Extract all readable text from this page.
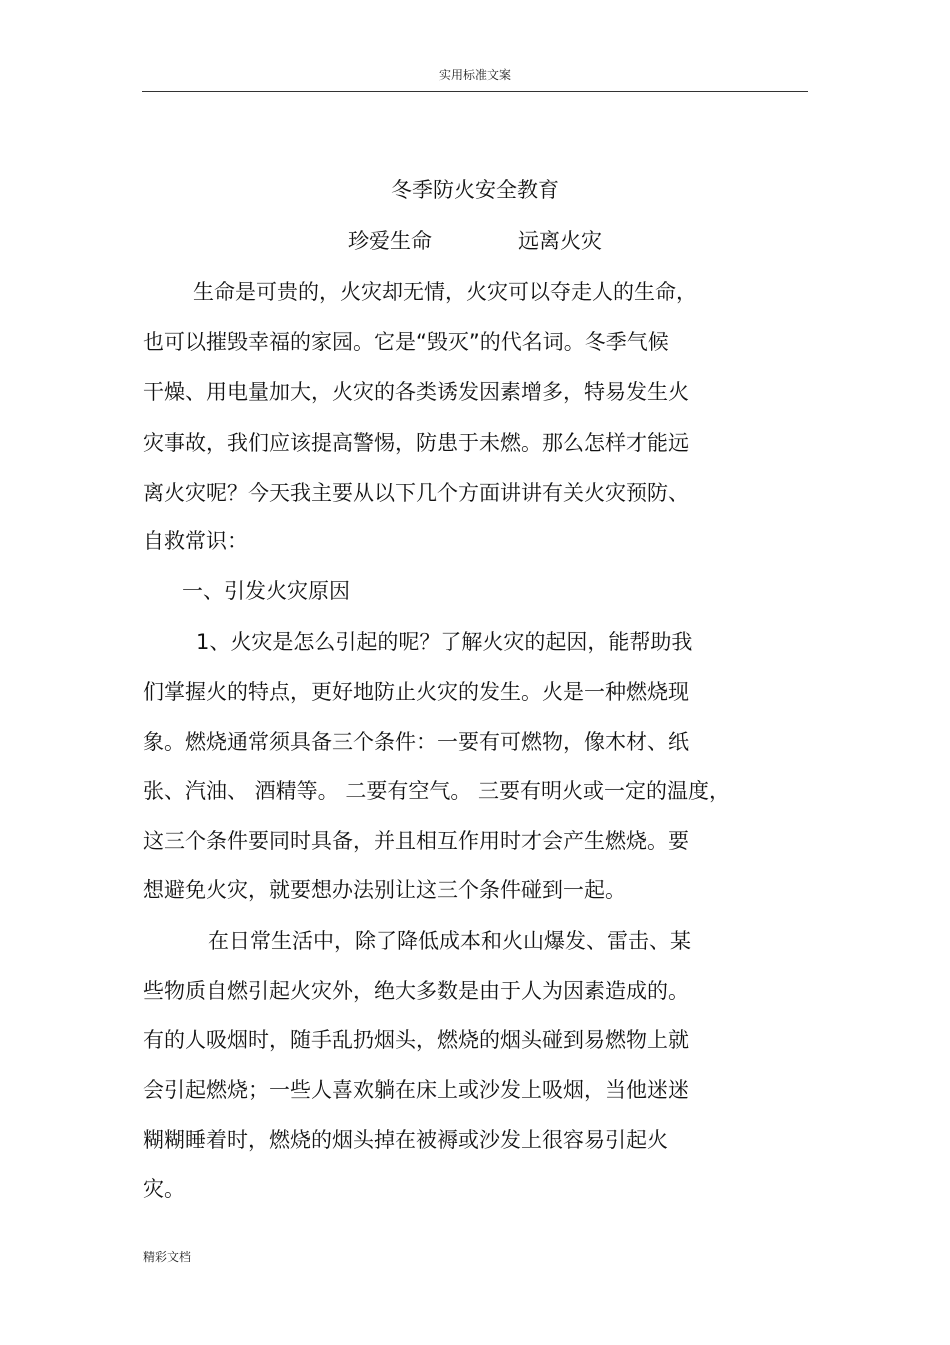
实用标准文案
冬季防火安全教育
珍爱生命	远离火灾
生命是可贵的，火灾却无情，火灾可以夺走人的生命，
也可以摧毁幸福的家园。它是“毁灭”的代名词。冬季气候
干燥、用电量加大，火灾的各类诱发因素增多，特易发生火
灾事故，我们应该提高警惕，防患于未燃。那么怎样才能远
离火灾呢？今天我主要从以下几个方面讲讲有关火灾预防、
自救常识：
一、引发火灾原因
1、火灾是怎么引起的呢？了解火灾的起因，能帮助我
们掌握火的特点，更好地防止火灾的发生。火是一种燃烧现
象。燃烧通常须具备三个条件：一要有可燃物，像木材、纸
张、汽油、 酒精等。 二要有空气。 三要有明火或一定的温度，
这三个条件要同时具备，并且相互作用时才会产生燃烧。要
想避免火灾，就要想办法别让这三个条件碰到一起。
在日常生活中，除了降低成本和火山爆发、雷击、某
些物质自燃引起火灾外，绝大多数是由于人为因素造成的。
有的人吸烟时，随手乱扔烟头，燃烧的烟头碰到易燃物上就
会引起燃烧；一些人喜欢躺在床上或沙发上吸烟，当他迷迷
糊糊睡着时，燃烧的烟头掉在被褥或沙发上很容易引起火
灾。
精彩文档
